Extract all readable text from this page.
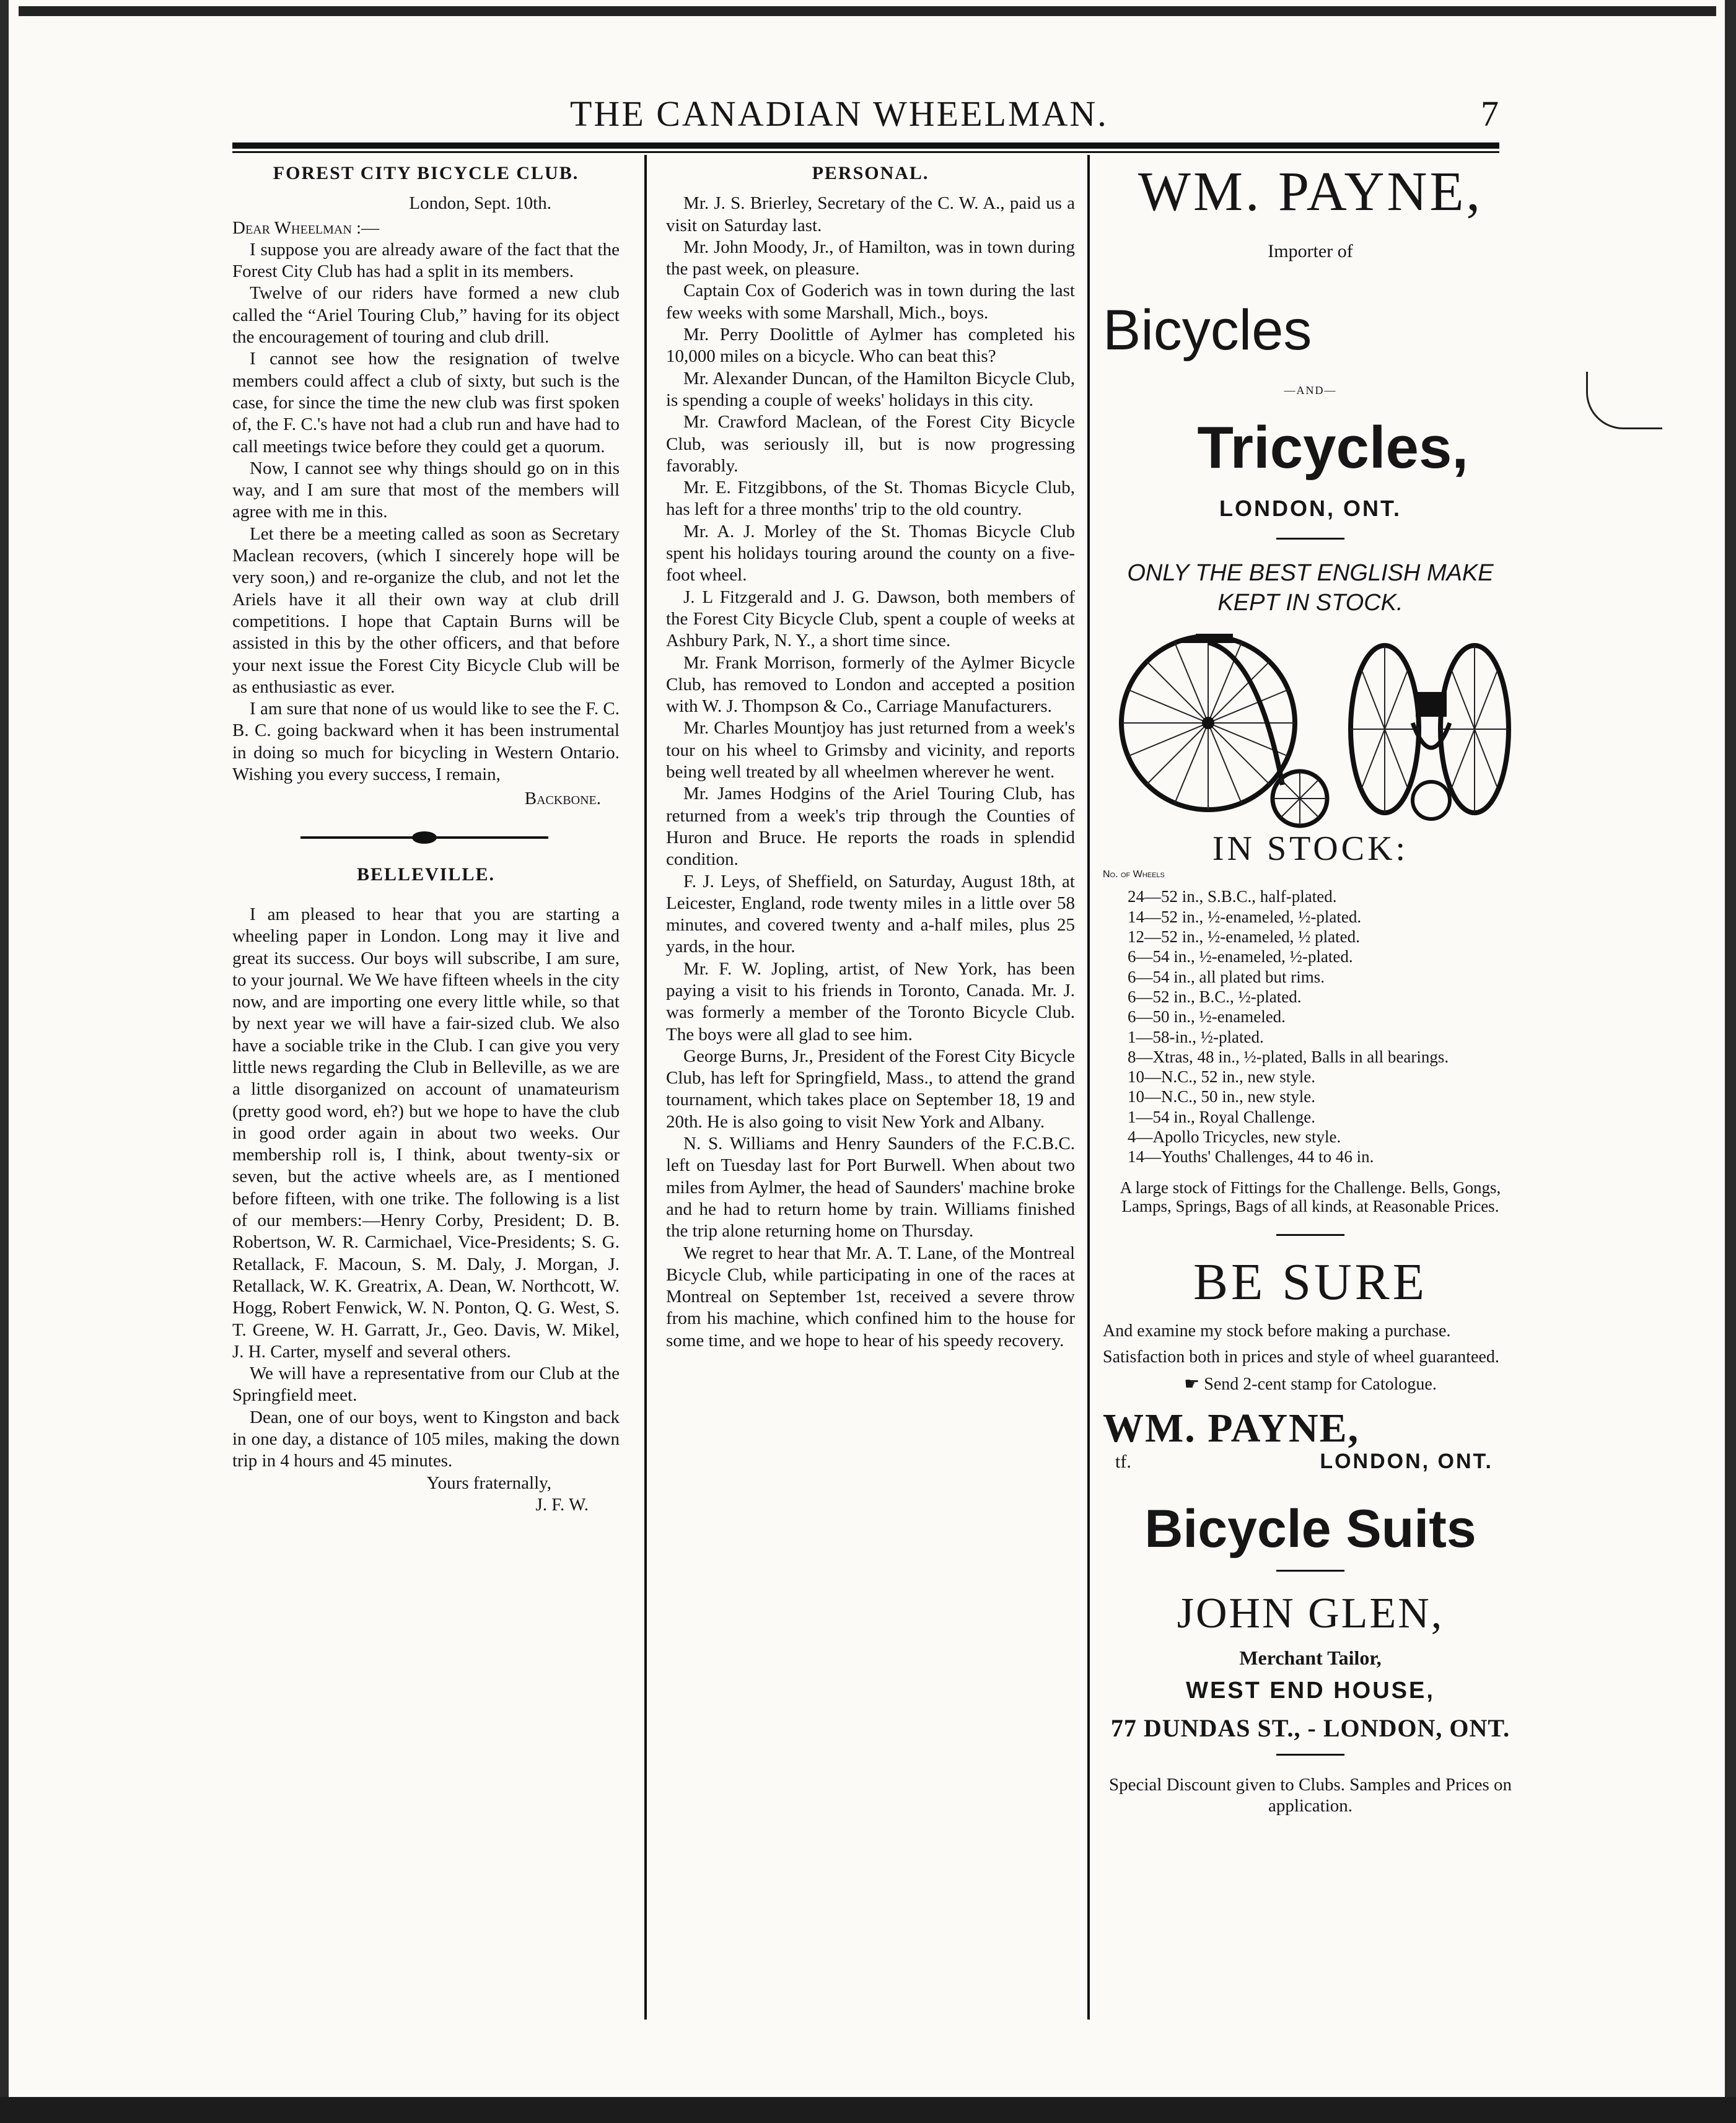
THE CANADIAN WHEELMAN.	7
FOREST CITY BICYCLE CLUB.

London, Sept. 10th.

Dear Wheelman :—

I suppose you are already aware of the fact that the Forest City Club has had a split in its members.

Twelve of our riders have formed a new club called the “Ariel Touring Club,” having for its object the encouragement of touring and club drill.

I cannot see how the resignation of twelve members could affect a club of sixty, but such is the case, for since the time the new club was first spoken of, the F. C.'s have not had a club run and have had to call meetings twice before they could get a quorum.

Now, I cannot see why things should go on in this way, and I am sure that most of the members will agree with me in this.

Let there be a meeting called as soon as Secretary Maclean recovers, (which I sincerely hope will be very soon,) and re-organize the club, and not let the Ariels have it all their own way at club drill competitions. I hope that Captain Burns will be assisted in this by the other officers, and that before your next issue the Forest City Bicycle Club will be as enthusiastic as ever.

I am sure that none of us would like to see the F. C. B. C. going backward when it has been instrumental in doing so much for bicycling in Western Ontario. Wishing you every success, I remain,

Backbone.

BELLEVILLE.

I am pleased to hear that you are starting a wheeling paper in London. Long may it live and great its success. Our boys will subscribe, I am sure, to your journal. We We have fifteen wheels in the city now, and are importing one every little while, so that by next year we will have a fair-sized club. We also have a sociable trike in the Club. I can give you very little news regarding the Club in Belleville, as we are a little disorganized on account of unamateurism (pretty good word, eh?) but we hope to have the club in good order again in about two weeks. Our membership roll is, I think, about twenty-six or seven, but the active wheels are, as I mentioned before fifteen, with one trike. The following is a list of our members:—Henry Corby, President; D. B. Robertson, W. R. Carmichael, Vice-Presidents; S. G. Retallack, F. Macoun, S. M. Daly, J. Morgan, J. Retallack, W. K. Greatrix, A. Dean, W. Northcott, W. Hogg, Robert Fenwick, W. N. Ponton, Q. G. West, S. T. Greene, W. H. Garratt, Jr., Geo. Davis, W. Mikel, J. H. Carter, myself and several others.

We will have a representative from our Club at the Springfield meet.

Dean, one of our boys, went to Kingston and back in one day, a distance of 105 miles, making the down trip in 4 hours and 45 minutes.

Yours fraternally,

J. F. W.

PERSONAL.

Mr. J. S. Brierley, Secretary of the C. W. A., paid us a visit on Saturday last.

Mr. John Moody, Jr., of Hamilton, was in town during the past week, on pleasure.

Captain Cox of Goderich was in town during the last few weeks with some Marshall, Mich., boys.

Mr. Perry Doolittle of Aylmer has completed his 10,000 miles on a bicycle. Who can beat this?

Mr. Alexander Duncan, of the Hamilton Bicycle Club, is spending a couple of weeks' holidays in this city.

Mr. Crawford Maclean, of the Forest City Bicycle Club, was seriously ill, but is now progressing favorably.

Mr. E. Fitzgibbons, of the St. Thomas Bicycle Club, has left for a three months' trip to the old country.

Mr. A. J. Morley of the St. Thomas Bicycle Club spent his holidays touring around the county on a five-foot wheel.

J. L Fitzgerald and J. G. Dawson, both members of the Forest City Bicycle Club, spent a couple of weeks at Ashbury Park, N. Y., a short time since.

Mr. Frank Morrison, formerly of the Aylmer Bicycle Club, has removed to London and accepted a position with W. J. Thompson & Co., Carriage Manufacturers.

Mr. Charles Mountjoy has just returned from a week's tour on his wheel to Grimsby and vicinity, and reports being well treated by all wheelmen wherever he went.

Mr. James Hodgins of the Ariel Touring Club, has returned from a week's trip through the Counties of Huron and Bruce. He reports the roads in splendid condition.

F. J. Leys, of Sheffield, on Saturday, August 18th, at Leicester, England, rode twenty miles in a little over 58 minutes, and covered twenty and a-half miles, plus 25 yards, in the hour.

Mr. F. W. Jopling, artist, of New York, has been paying a visit to his friends in Toronto, Canada. Mr. J. was formerly a member of the Toronto Bicycle Club. The boys were all glad to see him.

George Burns, Jr., President of the Forest City Bicycle Club, has left for Springfield, Mass., to attend the grand tournament, which takes place on September 18, 19 and 20th. He is also going to visit New York and Albany.

N. S. Williams and Henry Saunders of the F.C.B.C. left on Tuesday last for Port Burwell. When about two miles from Aylmer, the head of Saunders' machine broke and he had to return home by train. Williams finished the trip alone returning home on Thursday.

We regret to hear that Mr. A. T. Lane, of the Montreal Bicycle Club, while participating in one of the races at Montreal on September 1st, received a severe throw from his machine, which confined him to the house for some time, and we hope to hear of his speedy recovery.

WM. PAYNE,
Importer of
Bicycles
—AND—
Tricycles,
LONDON, ONT.
ONLY THE BEST ENGLISH MAKE KEPT IN STOCK.
IN STOCK:
No. of Wheels
24—52 in., S.B.C., half-plated.
14—52 in., ½-enameled, ½-plated.
12—52 in., ½-enameled, ½ plated.
6—54 in., ½-enameled, ½-plated.
6—54 in., all plated but rims.
6—52 in., B.C., ½-plated.
6—50 in., ½-enameled.
1—58-in., ½-plated.
8—Xtras, 48 in., ½-plated, Balls in all bearings.
10—N.C., 52 in., new style.
10—N.C., 50 in., new style.
1—54 in., Royal Challenge.
4—Apollo Tricycles, new style.
14—Youths' Challenges, 44 to 46 in.
A large stock of Fittings for the Challenge. Bells, Gongs, Lamps, Springs, Bags of all kinds, at Reasonable Prices.
BE SURE

And examine my stock before making a purchase.

Satisfaction both in prices and style of wheel guaranteed.

☛ Send 2-cent stamp for Catologue.
WM. PAYNE,
tf.	LONDON, ONT.
Bicycle Suits
JOHN GLEN,
Merchant Tailor,
WEST END HOUSE,
77 DUNDAS ST., - LONDON, ONT.
Special Discount given to Clubs. Samples and Prices on application.
